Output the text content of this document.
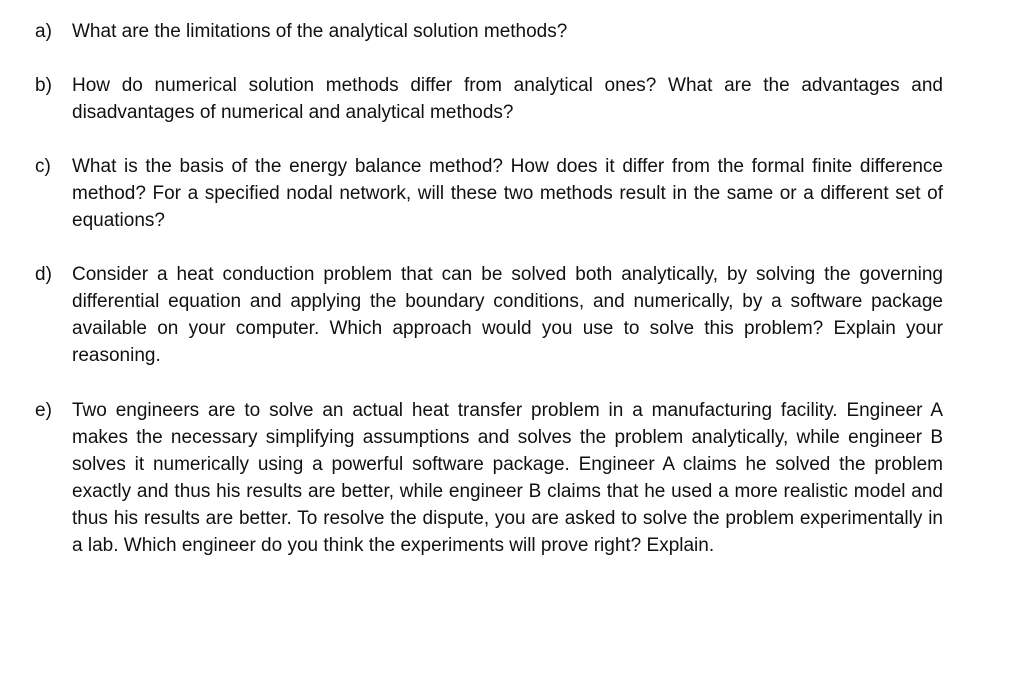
a) What are the limitations of the analytical solution methods?
b) How do numerical solution methods differ from analytical ones? What are the advantages and disadvantages of numerical and analytical methods?
c) What is the basis of the energy balance method? How does it differ from the formal finite difference method? For a specified nodal network, will these two methods result in the same or a different set of equations?
d) Consider a heat conduction problem that can be solved both analytically, by solving the governing differential equation and applying the boundary conditions, and numerically, by a software package available on your computer. Which approach would you use to solve this problem? Explain your reasoning.
e) Two engineers are to solve an actual heat transfer problem in a manufacturing facility. Engineer A makes the necessary simplifying assumptions and solves the problem analytically, while engineer B solves it numerically using a powerful software package. Engineer A claims he solved the problem exactly and thus his results are better, while engineer B claims that he used a more realistic model and thus his results are better. To resolve the dispute, you are asked to solve the problem experimentally in a lab. Which engineer do you think the experiments will prove right? Explain.
